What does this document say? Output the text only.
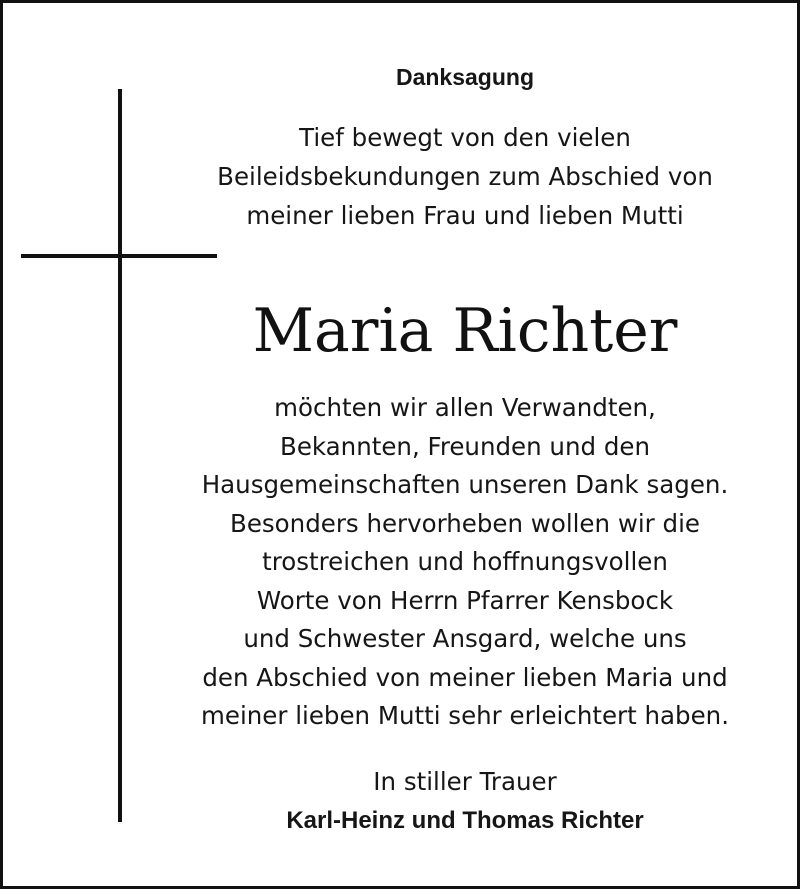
Danksagung
Tief bewegt von den vielen
Beileidsbekundungen zum Abschied von
meiner lieben Frau und lieben Mutti
Maria Richter
möchten wir allen Verwandten,
Bekannten, Freunden und den
Hausgemeinschaften unseren Dank sagen.
Besonders hervorheben wollen wir die
trostreichen und hoffnungsvollen
Worte von Herrn Pfarrer Kensbock
und Schwester Ansgard, welche uns
den Abschied von meiner lieben Maria und
meiner lieben Mutti sehr erleichtert haben.
In stiller Trauer
Karl-Heinz und Thomas Richter
